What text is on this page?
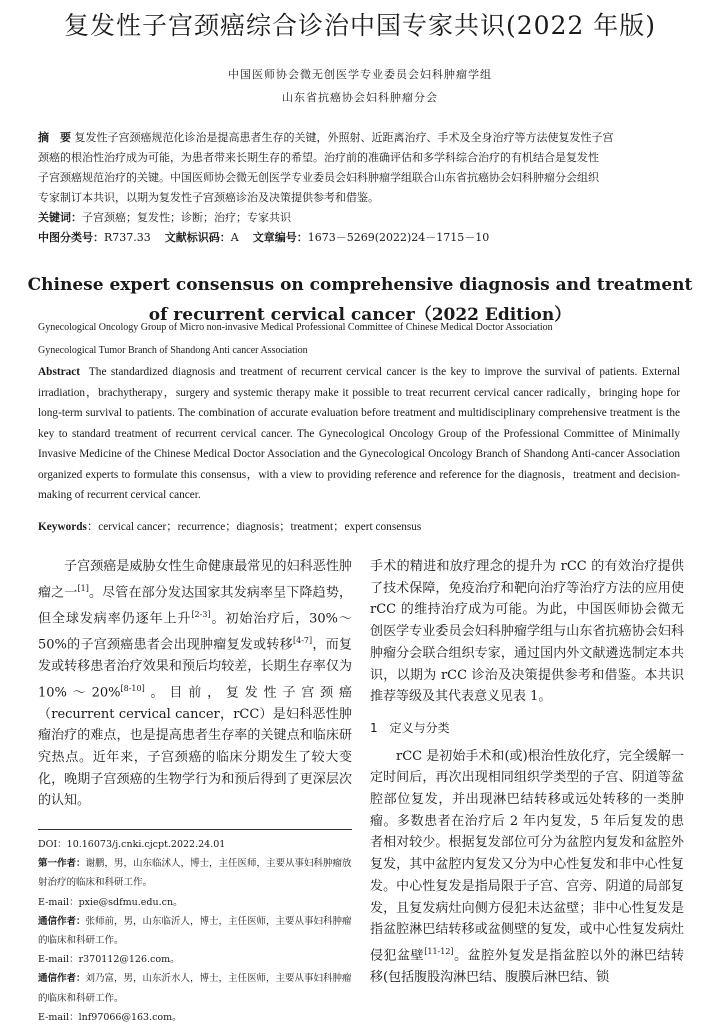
复发性子宫颈癌综合诊治中国专家共识(2022 年版)
中国医师协会微无创医学专业委员会妇科肿瘤学组
山东省抗癌协会妇科肿瘤分会
摘　要 复发性子宫颈癌规范化诊治是提高患者生存的关键，外照射、近距离治疗、手术及全身治疗等方法使复发性子宫
颈癌的根治性治疗成为可能，为患者带来长期生存的希望。治疗前的准确评估和多学科综合治疗的有机结合是复发性
子宫颈癌规范治疗的关键。中国医师协会微无创医学专业委员会妇科肿瘤学组联合山东省抗癌协会妇科肿瘤分会组织
专家制订本共识，以期为复发性子宫颈癌诊治及决策提供参考和借鉴。
关键词：子宫颈癌；复发性；诊断；治疗；专家共识
中图分类号：R737.33 文献标识码：A 文章编号：1673－5269(2022)24－1715－10
Chinese expert consensus on comprehensive diagnosis and treatment
of recurrent cervical cancer（2022 Edition）
Gynecological Oncology Group of Micro non-invasive Medical Professional Committee of Chinese Medical Doctor Association
Gynecological Tumor Branch of Shandong Anti cancer Association
Abstract The standardized diagnosis and treatment of recurrent cervical cancer is the key to improve the survival of patients. External irradiation，brachytherapy，surgery and systemic therapy make it possible to treat recurrent cervical cancer radically，bringing hope for long-term survival to patients. The combination of accurate evaluation before treatment and multidisciplinary comprehensive treatment is the key to standard treatment of recurrent cervical cancer. The Gynecological Oncology Group of the Professional Committee of Minimally Invasive Medicine of the Chinese Medical Doctor Association and the Gynecological Oncology Branch of Shandong Anti-cancer Association organized experts to formulate this consensus，with a view to providing reference and reference for the diagnosis，treatment and decision-making of recurrent cervical cancer.
Keywords：cervical cancer；recurrence；diagnosis；treatment；expert consensus

子宫颈癌是威胁女性生命健康最常见的妇科恶性肿瘤之一[1]。尽管在部分发达国家其发病率呈下降趋势，但全球发病率仍逐年上升[2-3]。初始治疗后，30%～50%的子宫颈癌患者会出现肿瘤复发或转移[4-7]，而复发或转移患者治疗效果和预后均较差，长期生存率仅为 10%～20%[8-10]。目前，复发性子宫颈癌（recurrent cervical cancer，rCC）是妇科恶性肿瘤治疗的难点，也是提高患者生存率的关键点和临床研究热点。近年来，子宫颈癌的临床分期发生了较大变化，晚期子宫颈癌的生物学行为和预后得到了更深层次的认知。

DOI：10.16073/j.cnki.cjcpt.2022.24.01
第一作者：谢鹏，男，山东临沭人，博士，主任医师，主要从事妇科肿瘤放射治疗的临床和科研工作。
E-mail：pxie@sdfmu.edu.cn。
通信作者：张师前，男，山东临沂人，博士，主任医师，主要从事妇科肿瘤的临床和科研工作。
E-mail：r370112@126.com。
通信作者：刘乃富，男，山东沂水人，博士，主任医师，主要从事妇科肿瘤的临床和科研工作。
E-mail：lnf97066@163.com。

手术的精进和放疗理念的提升为 rCC 的有效治疗提供了技术保障，免疫治疗和靶向治疗等治疗方法的应用使 rCC 的维持治疗成为可能。为此，中国医师协会微无创医学专业委员会妇科肿瘤学组与山东省抗癌协会妇科肿瘤分会联合组织专家，通过国内外文献遴选制定本共识，以期为 rCC 诊治及决策提供参考和借鉴。本共识推荐等级及其代表意义见表 1。

1　定义与分类

rCC 是初始手术和(或)根治性放化疗，完全缓解一定时间后，再次出现相同组织学类型的子宫、阴道等盆腔部位复发，并出现淋巴结转移或远处转移的一类肿瘤。多数患者在治疗后 2 年内复发，5 年后复发的患者相对较少。根据复发部位可分为盆腔内复发和盆腔外复发，其中盆腔内复发又分为中心性复发和非中心性复发。中心性复发是指局限于子宫、宫旁、阴道的局部复发，且复发病灶向侧方侵犯未达盆壁；非中心性复发是指盆腔淋巴结转移或盆侧壁的复发，或中心性复发病灶侵犯盆壁[11-12]。盆腔外复发是指盆腔以外的淋巴结转移(包括腹股沟淋巴结、腹膜后淋巴结、锁
